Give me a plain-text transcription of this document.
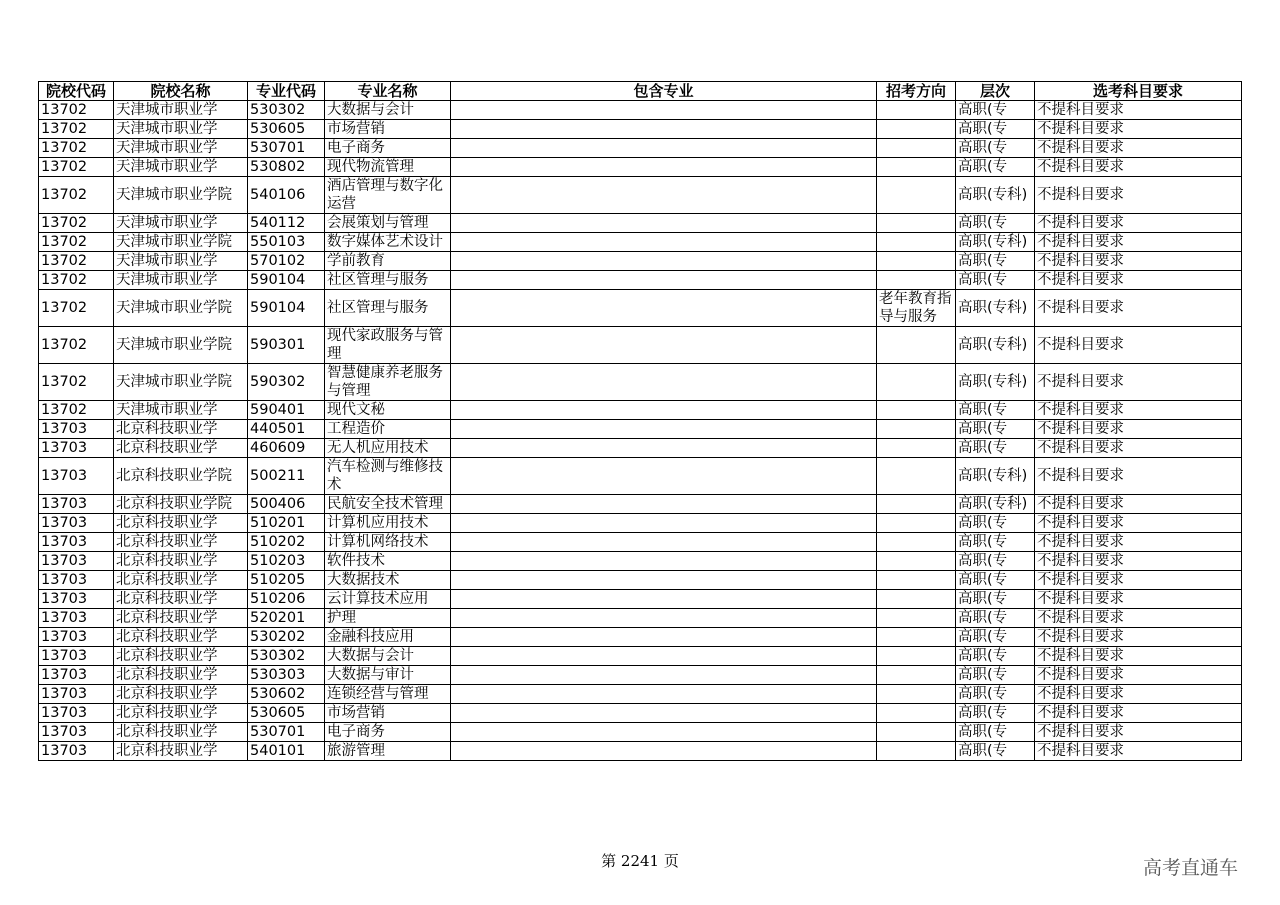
院校代码	院校名称	专业代码	专业名称	包含专业	招考方向	层次	选考科目要求
13702	天津城市职业学	530302	大数据与会计			高职(专	不提科目要求
13702	天津城市职业学	530605	市场营销			高职(专	不提科目要求
13702	天津城市职业学	530701	电子商务			高职(专	不提科目要求
13702	天津城市职业学	530802	现代物流管理			高职(专	不提科目要求
13702	天津城市职业学院	540106	酒店管理与数字化运营			高职(专科)	不提科目要求
13702	天津城市职业学	540112	会展策划与管理			高职(专	不提科目要求
13702	天津城市职业学院	550103	数字媒体艺术设计			高职(专科)	不提科目要求
13702	天津城市职业学	570102	学前教育			高职(专	不提科目要求
13702	天津城市职业学	590104	社区管理与服务			高职(专	不提科目要求
13702	天津城市职业学院	590104	社区管理与服务		老年教育指导与服务	高职(专科)	不提科目要求
13702	天津城市职业学院	590301	现代家政服务与管理			高职(专科)	不提科目要求
13702	天津城市职业学院	590302	智慧健康养老服务与管理			高职(专科)	不提科目要求
13702	天津城市职业学	590401	现代文秘			高职(专	不提科目要求
13703	北京科技职业学	440501	工程造价			高职(专	不提科目要求
13703	北京科技职业学	460609	无人机应用技术			高职(专	不提科目要求
13703	北京科技职业学院	500211	汽车检测与维修技术			高职(专科)	不提科目要求
13703	北京科技职业学院	500406	民航安全技术管理			高职(专科)	不提科目要求
13703	北京科技职业学	510201	计算机应用技术			高职(专	不提科目要求
13703	北京科技职业学	510202	计算机网络技术			高职(专	不提科目要求
13703	北京科技职业学	510203	软件技术			高职(专	不提科目要求
13703	北京科技职业学	510205	大数据技术			高职(专	不提科目要求
13703	北京科技职业学	510206	云计算技术应用			高职(专	不提科目要求
13703	北京科技职业学	520201	护理			高职(专	不提科目要求
13703	北京科技职业学	530202	金融科技应用			高职(专	不提科目要求
13703	北京科技职业学	530302	大数据与会计			高职(专	不提科目要求
13703	北京科技职业学	530303	大数据与审计			高职(专	不提科目要求
13703	北京科技职业学	530602	连锁经营与管理			高职(专	不提科目要求
13703	北京科技职业学	530605	市场营销			高职(专	不提科目要求
13703	北京科技职业学	530701	电子商务			高职(专	不提科目要求
13703	北京科技职业学	540101	旅游管理			高职(专	不提科目要求
第 2241 页	高考直通车
